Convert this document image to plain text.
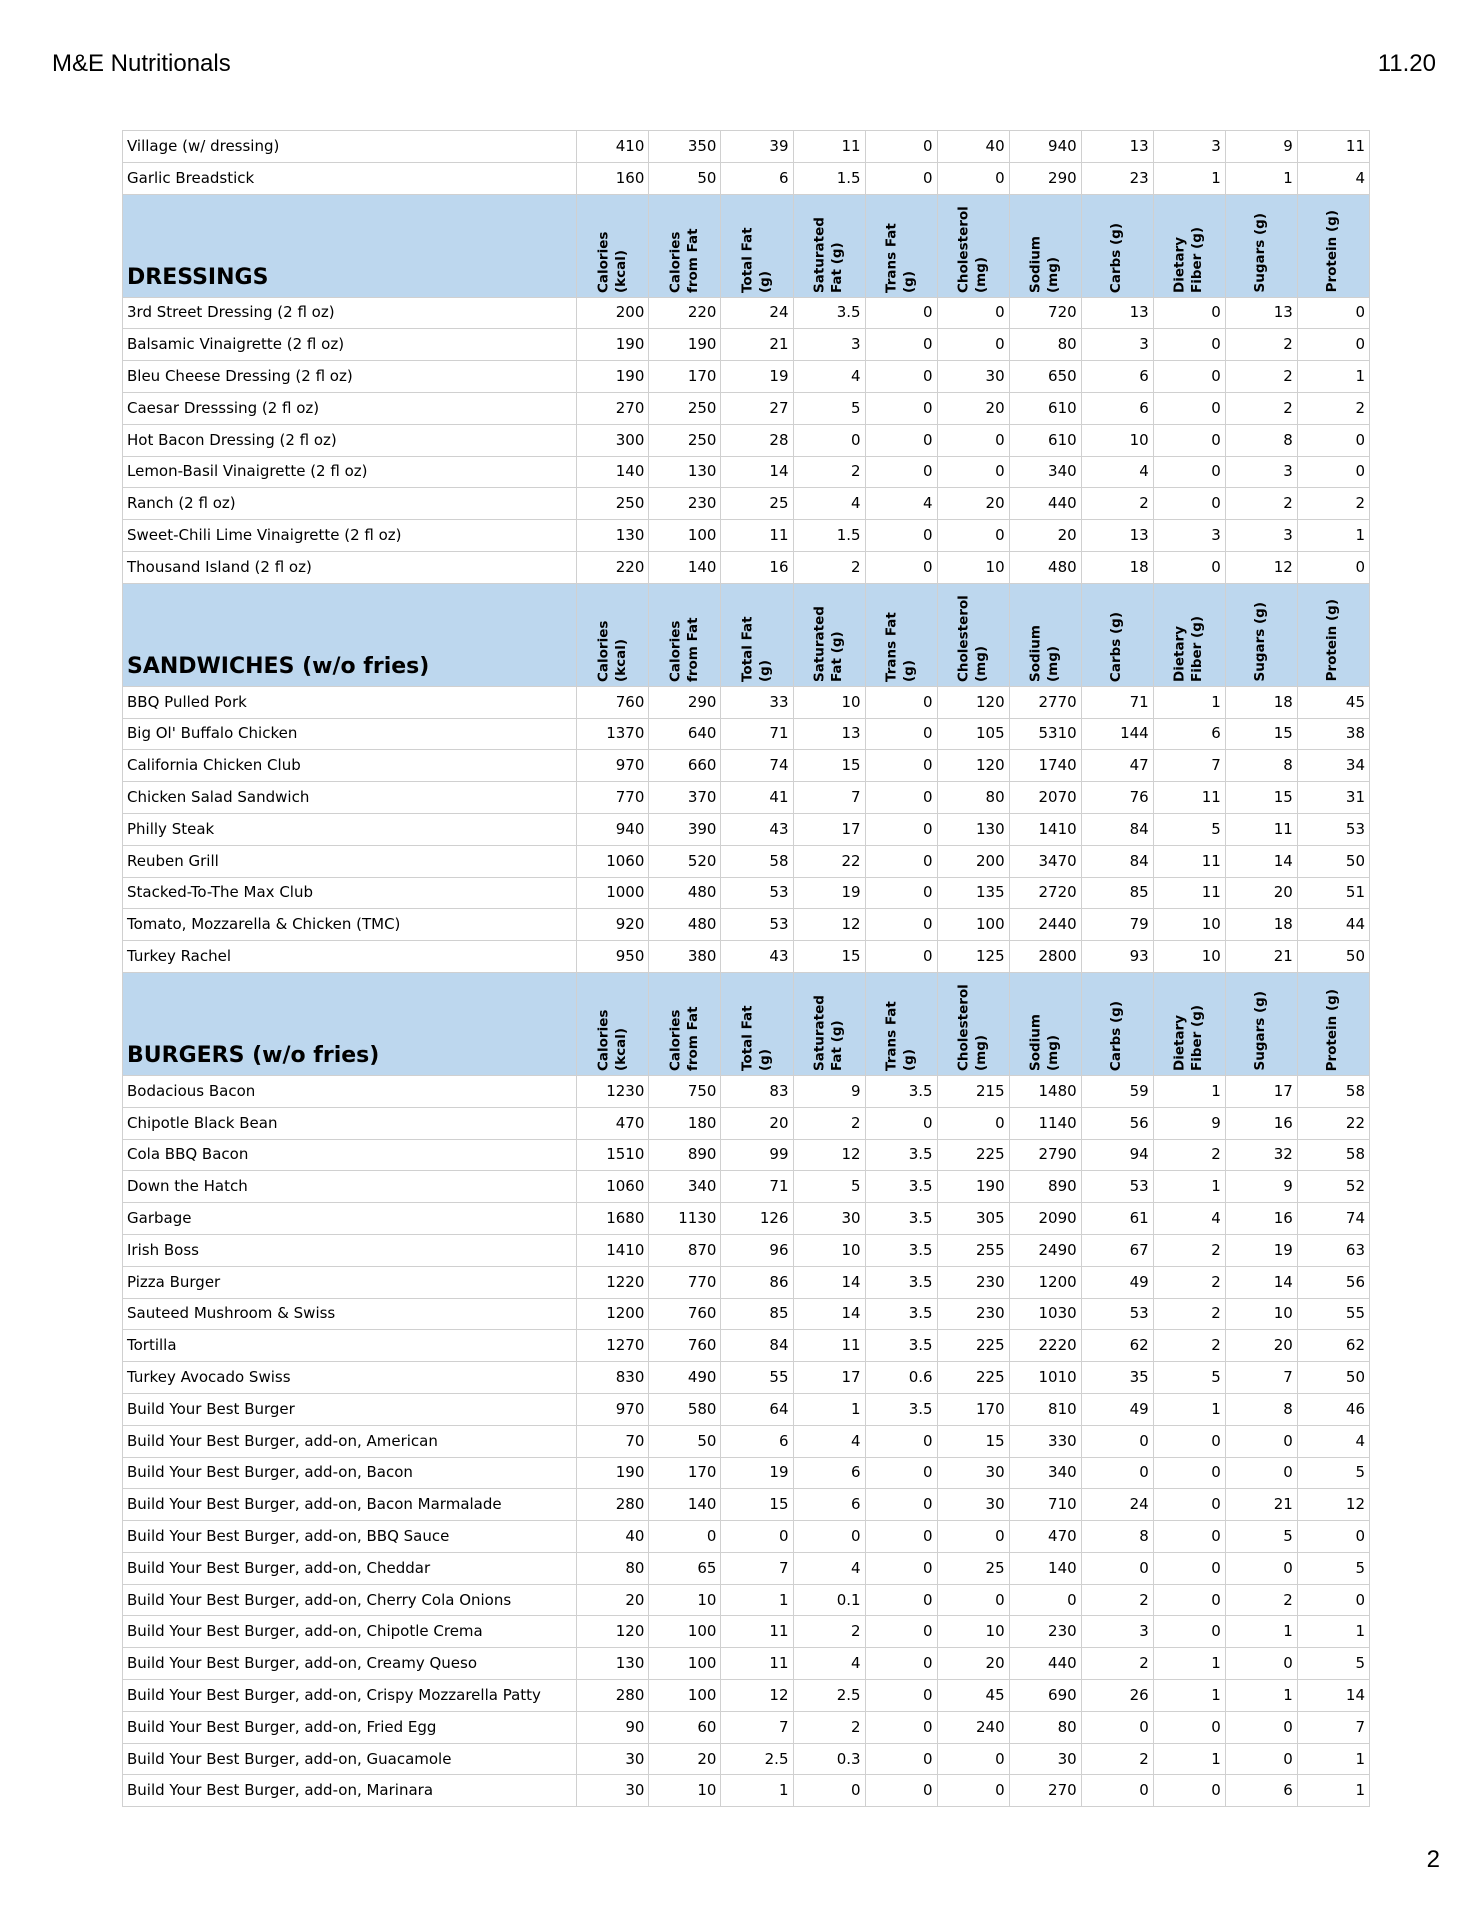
M&E Nutritionals	11.20
Village (w/ dressing)	410	350	39	11	0	40	940	13	3	9	11
Garlic Breadstick	160	50	6	1.5	0	0	290	23	1	1	4
DRESSINGS	Calories (kcal)	Calories from Fat	Total Fat (g)	Saturated Fat (g)	Trans Fat (g)	Cholesterol (mg)	Sodium (mg)	Carbs (g)	Dietary Fiber (g)	Sugars (g)	Protein (g)

3rd Street Dressing (2 fl oz)	200	220	24	3.5	0	0	720	13	0	13	0
Balsamic Vinaigrette (2 fl oz)	190	190	21	3	0	0	80	3	0	2	0
Bleu Cheese Dressing (2 fl oz)	190	170	19	4	0	30	650	6	0	2	1
Caesar Dresssing (2 fl oz)	270	250	27	5	0	20	610	6	0	2	2
Hot Bacon Dressing (2 fl oz)	300	250	28	0	0	0	610	10	0	8	0
Lemon-Basil Vinaigrette (2 fl oz)	140	130	14	2	0	0	340	4	0	3	0
Ranch (2 fl oz)	250	230	25	4	4	20	440	2	0	2	2
Sweet-Chili Lime Vinaigrette (2 fl oz)	130	100	11	1.5	0	0	20	13	3	3	1
Thousand Island (2 fl oz)	220	140	16	2	0	10	480	18	0	12	0
SANDWICHES (w/o fries)	Calories (kcal)	Calories from Fat	Total Fat (g)	Saturated Fat (g)	Trans Fat (g)	Cholesterol (mg)	Sodium (mg)	Carbs (g)	Dietary Fiber (g)	Sugars (g)	Protein (g)

BBQ Pulled Pork	760	290	33	10	0	120	2770	71	1	18	45
Big Ol' Buffalo Chicken	1370	640	71	13	0	105	5310	144	6	15	38
California Chicken Club	970	660	74	15	0	120	1740	47	7	8	34
Chicken Salad Sandwich	770	370	41	7	0	80	2070	76	11	15	31
Philly Steak	940	390	43	17	0	130	1410	84	5	11	53
Reuben Grill	1060	520	58	22	0	200	3470	84	11	14	50
Stacked-To-The Max Club	1000	480	53	19	0	135	2720	85	11	20	51
Tomato, Mozzarella & Chicken (TMC)	920	480	53	12	0	100	2440	79	10	18	44
Turkey Rachel	950	380	43	15	0	125	2800	93	10	21	50
BURGERS (w/o fries)	Calories (kcal)	Calories from Fat	Total Fat (g)	Saturated Fat (g)	Trans Fat (g)	Cholesterol (mg)	Sodium (mg)	Carbs (g)	Dietary Fiber (g)	Sugars (g)	Protein (g)

Bodacious Bacon	1230	750	83	9	3.5	215	1480	59	1	17	58
Chipotle Black Bean	470	180	20	2	0	0	1140	56	9	16	22
Cola BBQ Bacon	1510	890	99	12	3.5	225	2790	94	2	32	58
Down the Hatch	1060	340	71	5	3.5	190	890	53	1	9	52
Garbage	1680	1130	126	30	3.5	305	2090	61	4	16	74
Irish Boss	1410	870	96	10	3.5	255	2490	67	2	19	63
Pizza Burger	1220	770	86	14	3.5	230	1200	49	2	14	56
Sauteed Mushroom & Swiss	1200	760	85	14	3.5	230	1030	53	2	10	55
Tortilla	1270	760	84	11	3.5	225	2220	62	2	20	62
Turkey Avocado Swiss	830	490	55	17	0.6	225	1010	35	5	7	50
Build Your Best Burger	970	580	64	1	3.5	170	810	49	1	8	46
Build Your Best Burger, add-on, American	70	50	6	4	0	15	330	0	0	0	4
Build Your Best Burger, add-on, Bacon	190	170	19	6	0	30	340	0	0	0	5
Build Your Best Burger, add-on, Bacon Marmalade	280	140	15	6	0	30	710	24	0	21	12
Build Your Best Burger, add-on, BBQ Sauce	40	0	0	0	0	0	470	8	0	5	0
Build Your Best Burger, add-on, Cheddar	80	65	7	4	0	25	140	0	0	0	5
Build Your Best Burger, add-on, Cherry Cola Onions	20	10	1	0.1	0	0	0	2	0	2	0
Build Your Best Burger, add-on, Chipotle Crema	120	100	11	2	0	10	230	3	0	1	1
Build Your Best Burger, add-on, Creamy Queso	130	100	11	4	0	20	440	2	1	0	5
Build Your Best Burger, add-on, Crispy Mozzarella Patty	280	100	12	2.5	0	45	690	26	1	1	14
Build Your Best Burger, add-on, Fried Egg	90	60	7	2	0	240	80	0	0	0	7
Build Your Best Burger, add-on, Guacamole	30	20	2.5	0.3	0	0	30	2	1	0	1
Build Your Best Burger, add-on, Marinara	30	10	1	0	0	0	270	0	0	6	1
2
